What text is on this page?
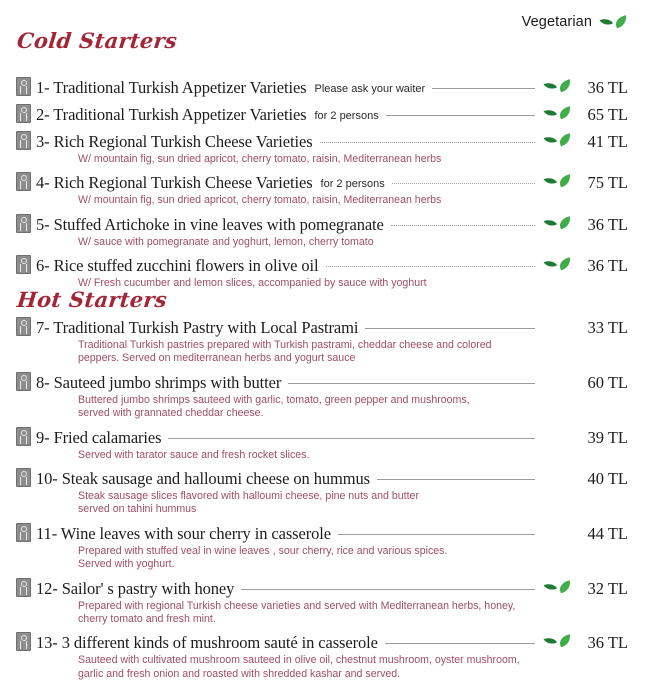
Vegetarian
Cold Starters
1- Traditional Turkish Appetizer Varieties Please ask your waiter	36 TL
2- Traditional Turkish Appetizer Varieties for 2 persons	65 TL
3- Rich Regional Turkish Cheese Varieties	41 TL
W/ mountain fig, sun dried apricot, cherry tomato, raisin, Mediterranean herbs
4- Rich Regional Turkish Cheese Varieties for 2 persons	75 TL
W/ mountain fig, sun dried apricot, cherry tomato, raisin, Mediterranean herbs
5- Stuffed Artichoke in vine leaves with pomegranate	36 TL
W/ sauce with pomegranate and yoghurt, lemon, cherry tomato
6- Rice stuffed zucchini flowers in olive oil	36 TL
W/ Fresh cucumber and lemon slices, accompanied by sauce with yoghurt
Hot Starters
7- Traditional Turkish Pastry with Local Pastrami	33 TL
Traditional Turkish pastries prepared with Turkish pastrami, cheddar cheese and colored
peppers. Served on mediterranean herbs and yogurt sauce
8- Sauteed jumbo shrimps with butter	60 TL
Buttered jumbo shrimps sauteed with garlic, tomato, green pepper and mushrooms,
served with grannated cheddar cheese.
9- Fried calamaries	39 TL
Served with tarator sauce and fresh rocket slices.
10- Steak sausage and halloumi cheese on hummus	40 TL
Steak sausage slices flavored with halloumi cheese, pine nuts and butter
served on tahini hummus
11- Wine leaves with sour cherry in casserole	44 TL
Prepared with stuffed veal in wine leaves , sour cherry, rice and various spices.
Served with yoghurt.
12- Sailor' s pastry with honey	32 TL
Prepared with regional Turkish cheese varieties and served with Mediterranean herbs, honey,
cherry tomato and fresh mint.
13- 3 different kinds of mushroom sauté in casserole	36 TL
Sauteed with cultivated mushroom sauteed in olive oil, chestnut mushroom, oyster mushroom,
garlic and fresh onion and roasted with shredded kashar and served.
